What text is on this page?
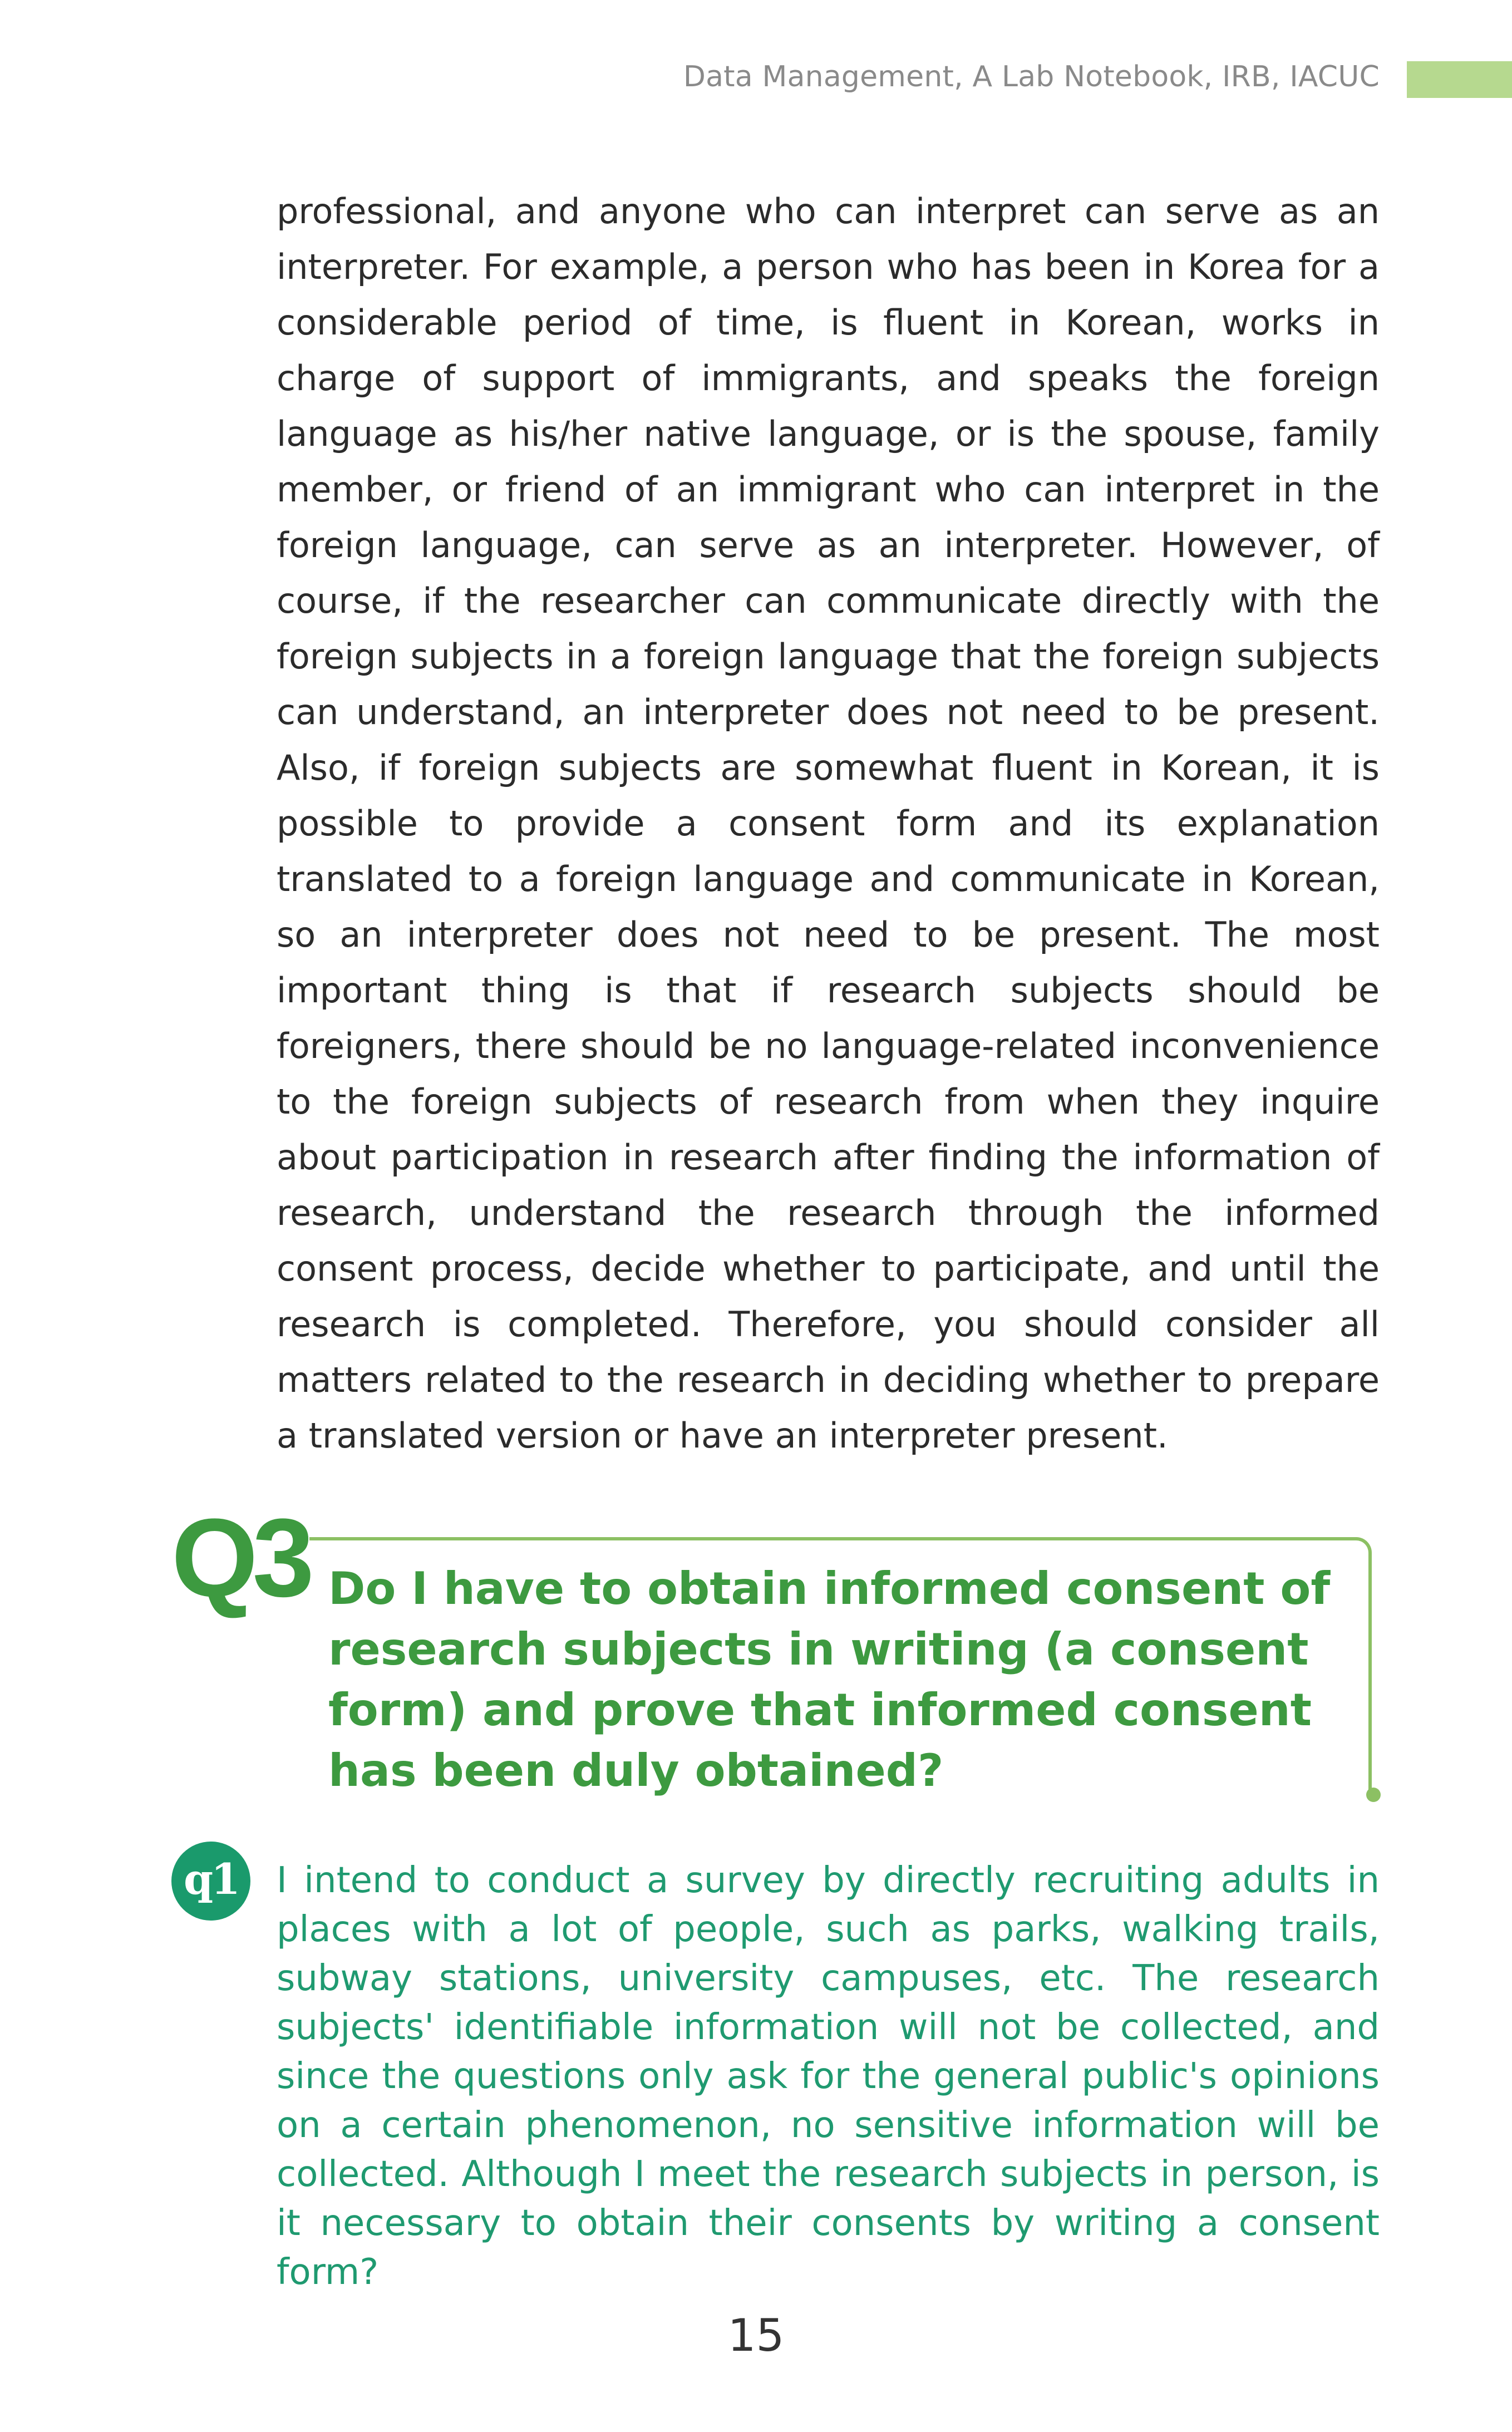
Data Management, A Lab Notebook, IRB, IACUC

professional, and anyone who can interpret can serve as an interpreter. For example, a person who has been in Korea for a considerable period of time, is fluent in Korean, works in charge of support of immigrants, and speaks the foreign language as his/her native language, or is the spouse, family member, or friend of an immigrant who can interpret in the foreign language, can serve as an interpreter. However, of course, if the researcher can communicate directly with the foreign subjects in a foreign language that the foreign subjects can understand, an interpreter does not need to be present. Also, if foreign subjects are somewhat fluent in Korean, it is possible to provide a consent form and its explanation translated to a foreign language and communicate in Korean, so an interpreter does not need to be present. The most important thing is that if research subjects should be foreigners, there should be no language-related inconvenience to the foreign subjects of research from when they inquire about participation in research after finding the information of research, understand the research through the informed consent process, decide whether to participate, and until the research is completed. Therefore, you should consider all matters related to the research in deciding whether to prepare a translated version or have an interpreter present.

Q3 Do I have to obtain informed consent of research subjects in writing (a consent form) and prove that informed consent has been duly obtained?

q1	I intend to conduct a survey by directly recruiting adults in places with a lot of people, such as parks, walking trails, subway stations, university campuses, etc. The research subjects' identifiable information will not be collected, and since the questions only ask for the general public's opinions on a certain phenomenon, no sensitive information will be collected. Although I meet the research subjects in person, is it necessary to obtain their consents by writing a consent form?

15
